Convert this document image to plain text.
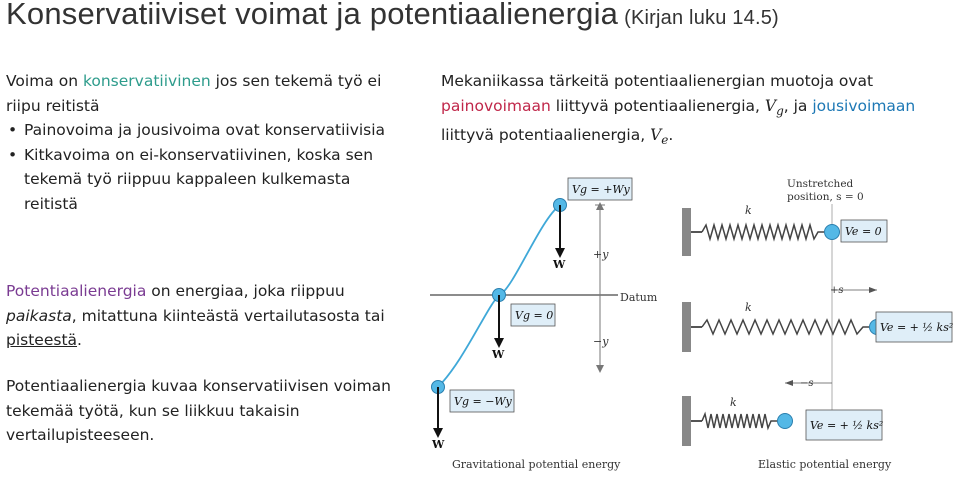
Konservatiiviset voimat ja potentiaalienergia (Kirjan luku 14.5)
Voima on konservatiivinen jos sen tekemä työ ei riipu reitistä
• Painovoima ja jousivoima ovat konservatiivisia
• Kitkavoima on ei-konservatiivinen, koska sen tekemä työ riippuu kappaleen kulkemasta reitistä
Potentiaalienergia on energiaa, joka riippuu paikasta, mitattuna kiinteästä vertailutasosta tai pisteestä.
Potentiaalienergia kuvaa konservatiivisen voiman tekemää työtä, kun se liikkuu takaisin vertailupisteeseen.
Mekaniikassa tärkeitä potentiaalienergian muotoja ovat painovoimaan liittyvä potentiaalienergia, $V_g$, ja jousivoimaan liittyvä potentiaalienergia, $V_e$.
Datum
+y
−y
W
Vg = +Wy
W
Vg = 0
W
Vg = −Wy
Gravitational potential energy
Unstretched
position, s = 0
k
Ve = 0
k
+s
Ve = + ½ ks²
k
−s
Ve = + ½ ks²
Elastic potential energy
